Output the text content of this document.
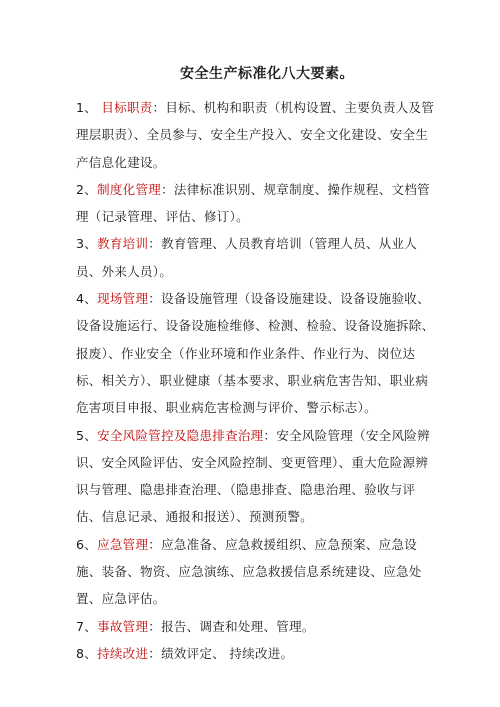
安全生产标准化八大要素。

1、 目标职责：目标、机构和职责（机构设置、主要负责人及管理层职责）、全员参与、安全生产投入、安全文化建设、安全生产信息化建设。

2、制度化管理：法律标准识别、规章制度、操作规程、文档管理（记录管理、评估、修订）。

3、教育培训：教育管理、人员教育培训（管理人员、从业人员、外来人员）。

4、现场管理：设备设施管理（设备设施建设、设备设施验收、设备设施运行、设备设施检维修、检测、检验、设备设施拆除、报废）、作业安全（作业环境和作业条件、作业行为、岗位达标、相关方）、职业健康（基本要求、职业病危害告知、职业病危害项目申报、职业病危害检测与评价、警示标志）。

5、安全风险管控及隐患排查治理：安全风险管理（安全风险辨识、安全风险评估、安全风险控制、变更管理）、重大危险源辨识与管理、隐患排查治理、（隐患排查、隐患治理、验收与评估、信息记录、通报和报送）、预测预警。

6、应急管理：应急准备、应急救援组织、应急预案、应急设施、装备、物资、应急演练、应急救援信息系统建设、应急处置、应急评估。

7、事故管理：报告、调查和处理、管理。

8、持续改进：绩效评定、 持续改进。
